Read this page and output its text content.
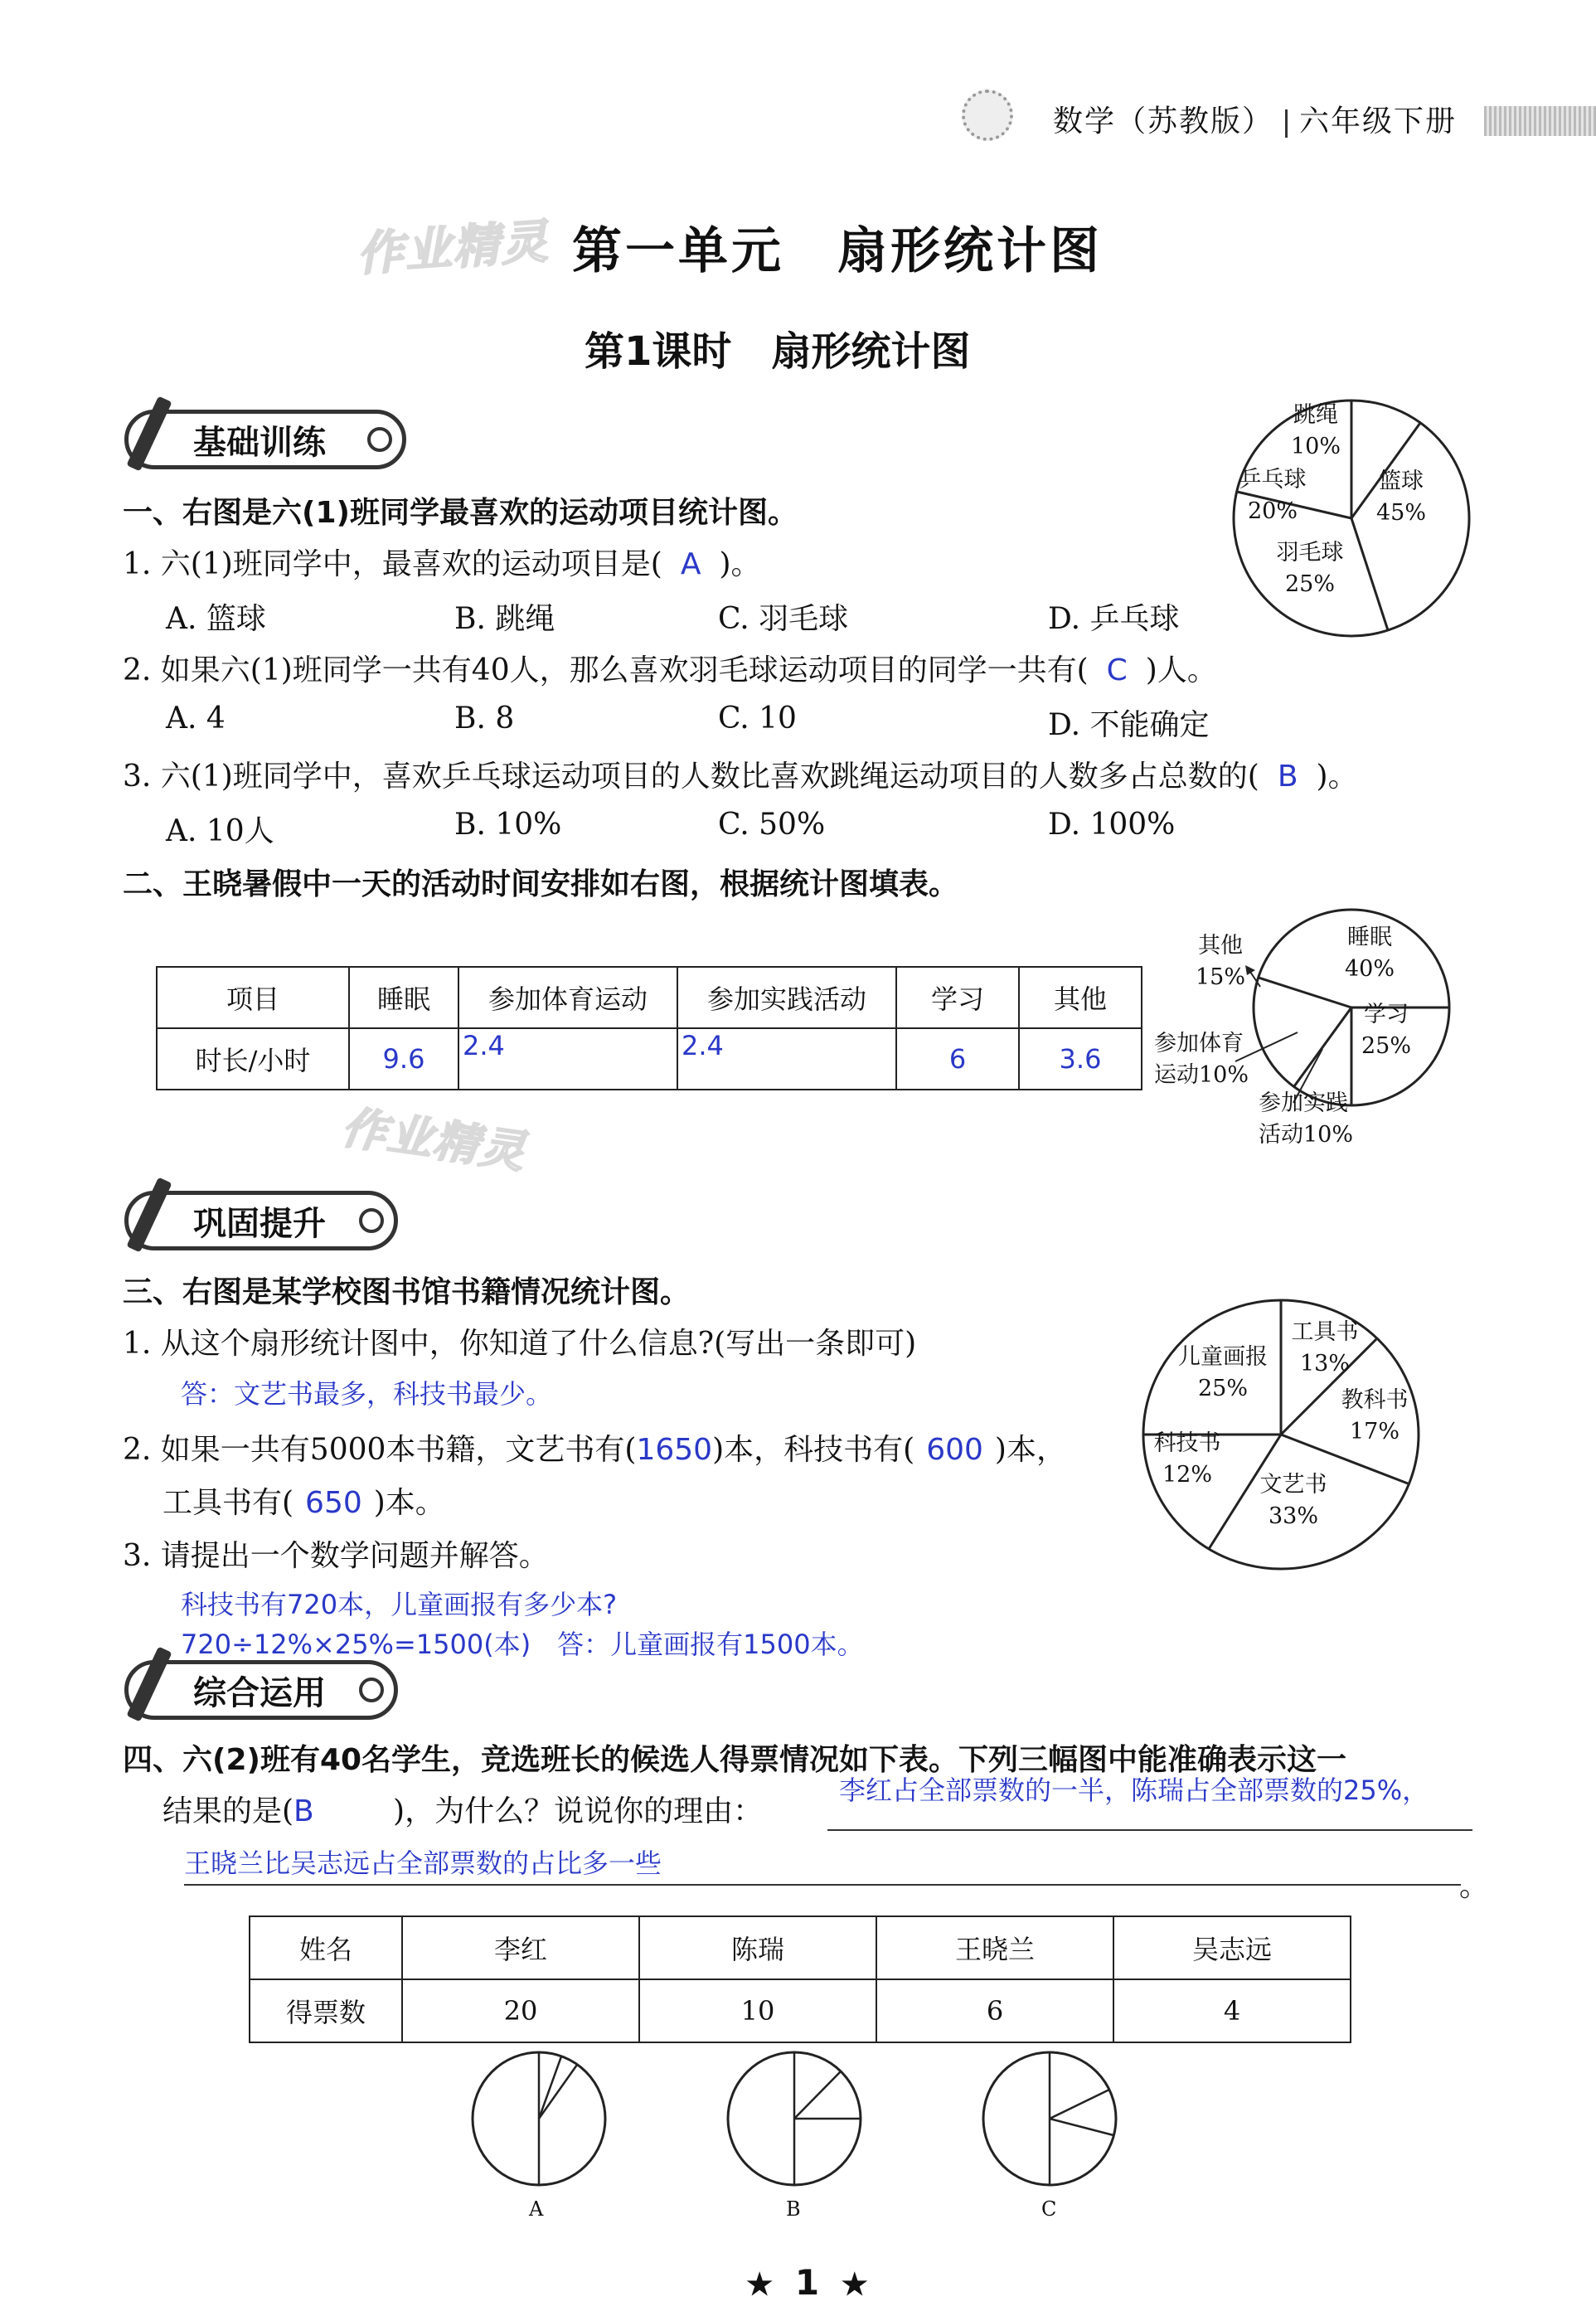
数学（苏教版） 六年级下册
作业精灵 第一单元　扇形统计图
第1课时　扇形统计图
基础训练
一、右图是六(1)班同学最喜欢的运动项目统计图。
1. 六(1)班同学中，最喜欢的运动项目是( A )。
A. 篮球	B. 跳绳	C. 羽毛球	D. 乒乓球
2. 如果六(1)班同学一共有40人，那么喜欢羽毛球运动项目的同学一共有( C )人。
A. 4	B. 8	C. 10	D. 不能确定
3. 六(1)班同学中，喜欢乒乓球运动项目的人数比喜欢跳绳运动项目的人数多占总数的( B )。
A. 10人	B. 10%	C. 50%	D. 100%
跳绳
10%
篮球
45%
乒乓球
20%
羽毛球
25%
二、王晓暑假中一天的活动时间安排如右图，根据统计图填表。
项目	睡眠	参加体育运动	参加实践活动	学习	其他
时长/小时	9.6	2.4	2.4	6	3.6
作业精灵
其他
15%
睡眠
40%
学习
25%
参加体育
运动10%
参加实践
活动10%
巩固提升
三、右图是某学校图书馆书籍情况统计图。
1. 从这个扇形统计图中，你知道了什么信息?(写出一条即可)
答：文艺书最多，科技书最少。
2. 如果一共有5000本书籍，文艺书有(1650)本，科技书有( 600 )本，
工具书有( 650 )本。
3. 请提出一个数学问题并解答。
科技书有720本，儿童画报有多少本?
720÷12%×25%=1500(本)　答：儿童画报有1500本。
儿童画报
25%
工具书
13%
教科书
17%
科技书
12%	文艺书
33%
综合运用
四、六(2)班有40名学生，竞选班长的候选人得票情况如下表。下列三幅图中能准确表示这一
结果的是(B	)，为什么？说说你的理由：
李红占全部票数的一半，陈瑞占全部票数的25%，
王晓兰比吴志远占全部票数的占比多一些
。
姓名	李红	陈瑞	王晓兰	吴志远
得票数	20	10	6	4
A	B	C
★ 1 ★
